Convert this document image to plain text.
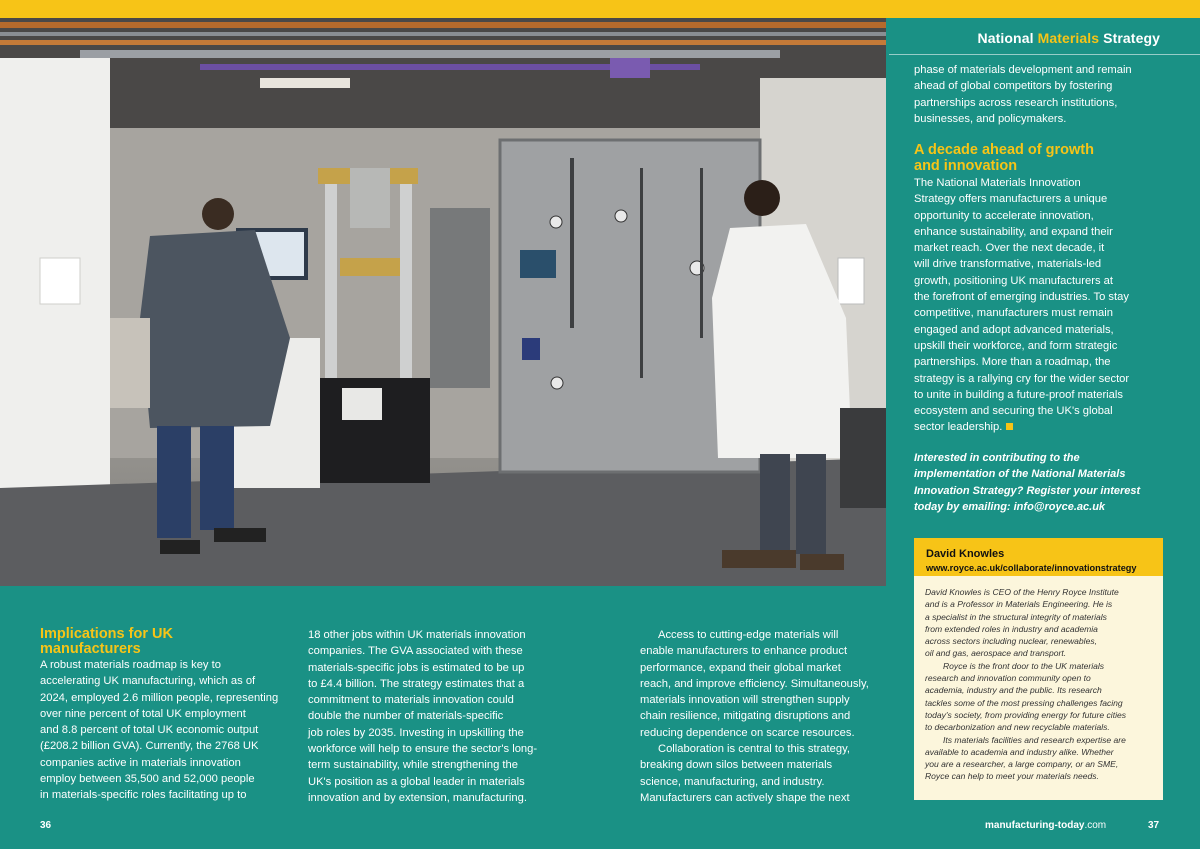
National Materials Strategy

phase of materials development and remain

ahead of global competitors by fostering

partnerships across research institutions,

businesses, and policymakers.

A decade ahead of growth

and innovation

The National Materials Innovation

Strategy offers manufacturers a unique

opportunity to accelerate innovation,

enhance sustainability, and expand their

market reach. Over the next decade, it

will drive transformative, materials-led

growth, positioning UK manufacturers at

the forefront of emerging industries. To stay

competitive, manufacturers must remain

engaged and adopt advanced materials,

upskill their workforce, and form strategic

partnerships. More than a roadmap, the

strategy is a rallying cry for the wider sector

to unite in building a future-proof materials

ecosystem and securing the UK's global

sector leadership.

Interested in contributing to the

implementation of the National Materials

Innovation Strategy? Register your interest

today by emailing: info@royce.ac.uk

David Knowles
www.royce.ac.uk/collaborate/innovationstrategy

David Knowles is CEO of the Henry Royce Institute

and is a Professor in Materials Engineering. He is

a specialist in the structural integrity of materials

from extended roles in industry and academia

across sectors including nuclear, renewables,

oil and gas, aerospace and transport.

Royce is the front door to the UK materials

research and innovation community open to

academia, industry and the public. Its research

tackles some of the most pressing challenges facing

today's society, from providing energy for future cities

to decarbonization and new recyclable materials.

Its materials facilities and research expertise are

available to academia and industry alike. Whether

you are a researcher, a large company, or an SME,

Royce can help to meet your materials needs.

Implications for UK

manufacturers

A robust materials roadmap is key to

accelerating UK manufacturing, which as of

2024, employed 2.6 million people, representing

over nine percent of total UK employment

and 8.8 percent of total UK economic output

(£208.2 billion GVA). Currently, the 2768 UK

companies active in materials innovation

employ between 35,500 and 52,000 people

in materials-specific roles facilitating up to

18 other jobs within UK materials innovation

companies. The GVA associated with these

materials-specific jobs is estimated to be up

to £4.4 billion. The strategy estimates that a

commitment to materials innovation could

double the number of materials-specific

job roles by 2035. Investing in upskilling the

workforce will help to ensure the sector's long-

term sustainability, while strengthening the

UK's position as a global leader in materials

innovation and by extension, manufacturing.

Access to cutting-edge materials will

enable manufacturers to enhance product

performance, expand their global market

reach, and improve efficiency. Simultaneously,

materials innovation will strengthen supply

chain resilience, mitigating disruptions and

reducing dependence on scarce resources.

Collaboration is central to this strategy,

breaking down silos between materials

science, manufacturing, and industry.

Manufacturers can actively shape the next

36	manufacturing-today.com	37
